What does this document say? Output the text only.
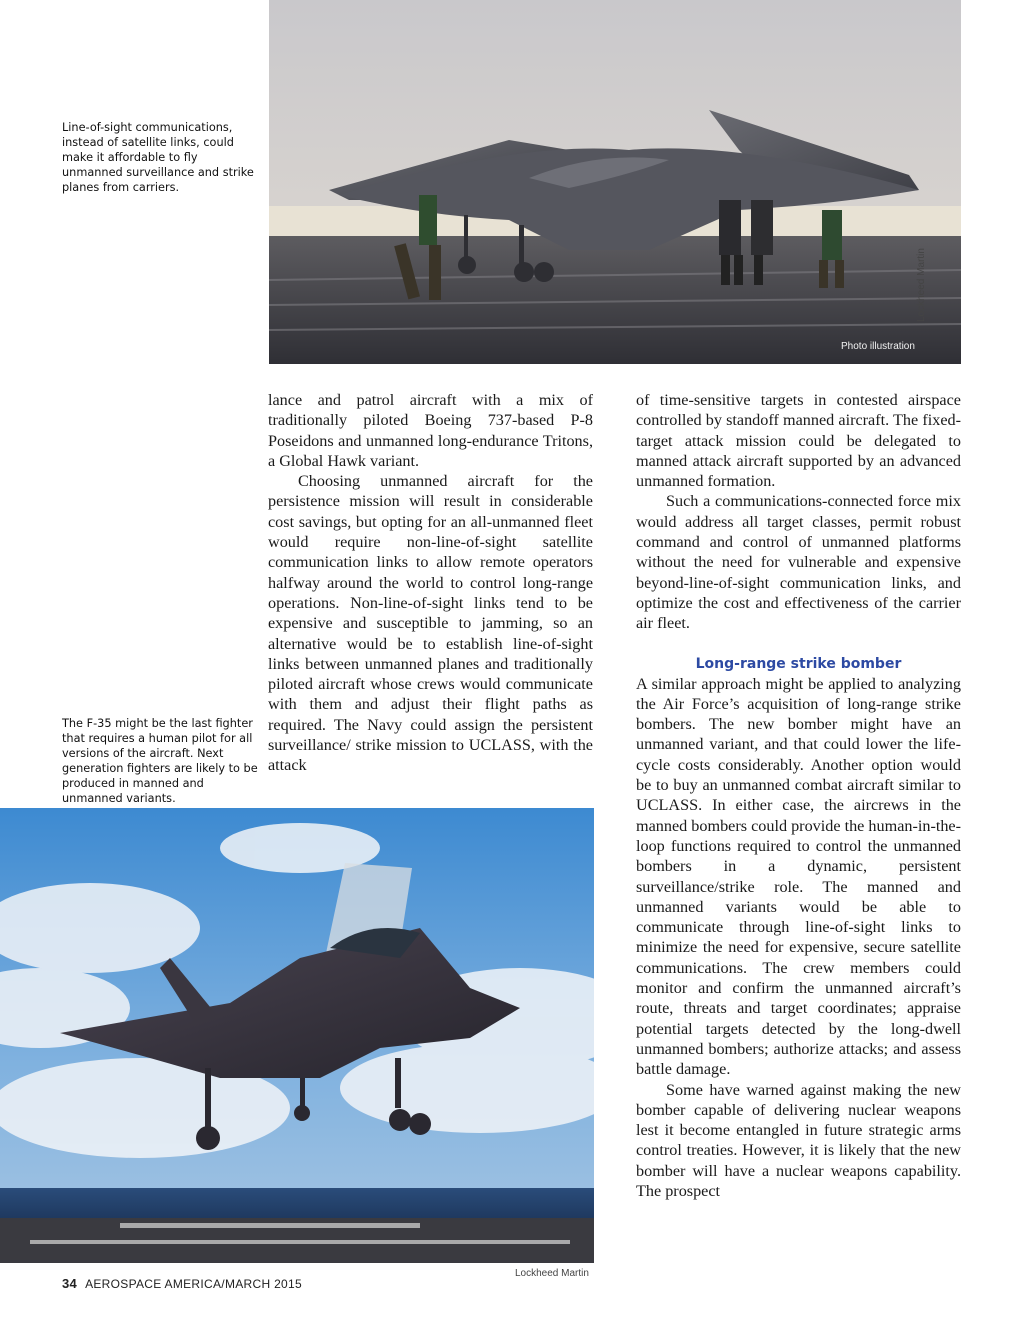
Line-of-sight communications, instead of satellite links, could make it affordable to fly unmanned surveillance and strike planes from carriers.
The F-35 might be the last fighter that requires a human pilot for all versions of the aircraft. Next generation fighters are likely to be produced in manned and unmanned variants.
Photo illustration
Lockheed Martin
Lockheed Martin

lance and patrol aircraft with a mix of traditionally piloted Boeing 737-based P-8 Poseidons and unmanned long-endurance Tritons, a Global Hawk variant.

Choosing unmanned aircraft for the persistence mission will result in considerable cost savings, but opting for an all-unmanned fleet would require non-line-of-sight satellite communication links to allow remote operators halfway around the world to control long-range operations. Non-line-of-sight links tend to be expensive and susceptible to jamming, so an alternative would be to establish line-of-sight links between unmanned planes and traditionally piloted aircraft whose crews would communicate with them and adjust their flight paths as required. The Navy could assign the persistent surveillance/ strike mission to UCLASS, with the attack

of time-sensitive targets in contested airspace controlled by standoff manned aircraft. The fixed-target attack mission could be delegated to manned attack aircraft supported by an advanced unmanned formation.

Such a communications-connected force mix would address all target classes, permit robust command and control of unmanned platforms without the need for vulnerable and expensive beyond-line-of-sight communication links, and optimize the cost and effectiveness of the carrier air fleet.

Long-range strike bomber

A similar approach might be applied to analyzing the Air Force’s acquisition of long-range strike bombers. The new bomber might have an unmanned variant, and that could lower the life-cycle costs considerably. Another option would be to buy an unmanned combat aircraft similar to UCLASS. In either case, the aircrews in the manned bombers could provide the human-in-the-loop functions required to control the unmanned bombers in a dynamic, persistent surveillance/strike role. The manned and unmanned variants would be able to communicate through line-of-sight links to minimize the need for expensive, secure satellite communications. The crew members could monitor and confirm the unmanned aircraft’s route, threats and target coordinates; appraise potential targets detected by the long-dwell unmanned bombers; authorize attacks; and assess battle damage.

Some have warned against making the new bomber capable of delivering nuclear weapons lest it become entangled in future strategic arms control treaties. However, it is likely that the new bomber will have a nuclear weapons capability. The prospect

34 AEROSPACE AMERICA/MARCH 2015
